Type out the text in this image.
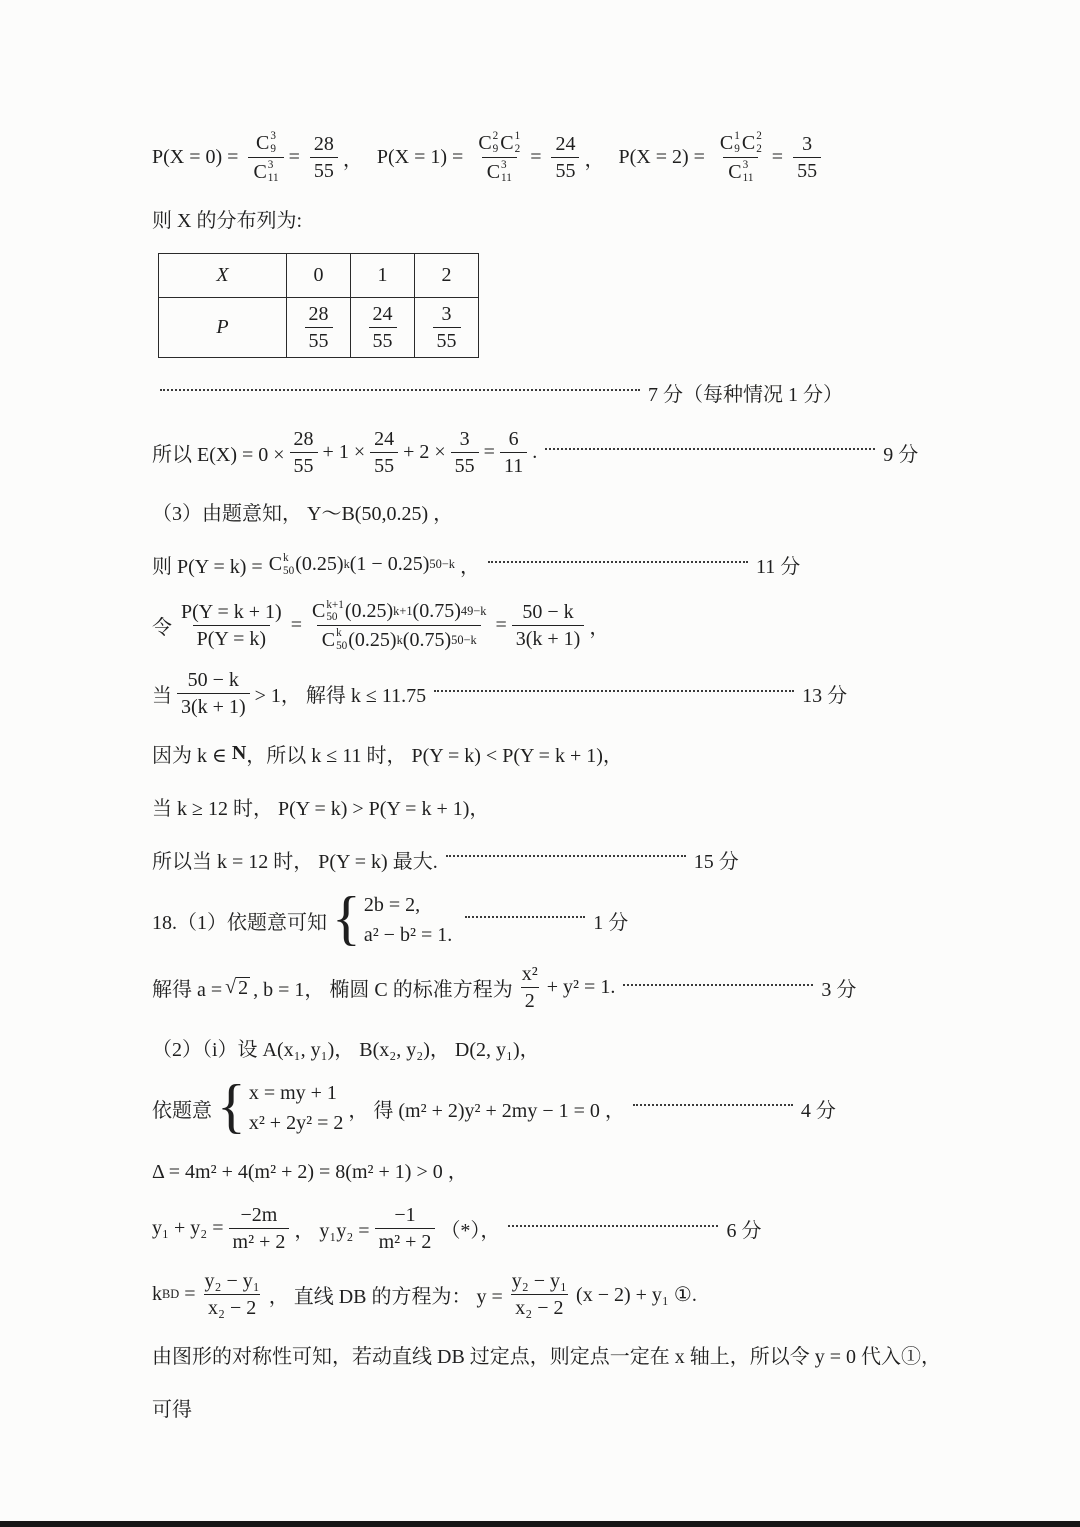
P(X = 0) = C 3
9
C 3
$11 = \frac{28}{55}$ ， P(X = 1) = C 2
9 C 1
2
C 3
$11 = \frac{24}{55}$ ， P(X = 2) = C 1
9 C 2
2
C 3
$11 = \frac{3}{55}$
则 X 的分布列为:
X	0	1	2
P	$\frac{28}{55}$	$\frac{24}{55}$	$\frac{3}{55}$
7 分（每种情况 1 分）
所以 $E(X) = 0 \times \frac{28}{55} + 1 \times \frac{24}{55} + 2 \times \frac{3}{55} = \frac{6}{11}$ .	9 分
（3）由题意知， Y～B(50,0.25) ，
则 P(Y = k) = C k
50 (0.25) k (1 − 0.25) 50−k ，	11 分
令 $\frac{P(Y = k + 1)}{P(Y = k)} = C$ k+1
50 (0.25) k+1 (0.75) 49−k
C k
50 (0.25) k (0.75) $50-k = \frac{50 - k}{3(k + 1)}$ ，
当 $\frac{50 - k}{3(k + 1)} > 1$， 解得 k ≤ 11.75	13 分
因为 k ∈ N ，所以 k ≤ 11 时， P(Y = k) < P(Y = k + 1)，
当 k ≥ 12 时， P(Y = k) > P(Y = k + 1)，
所以当 k = 12 时， P(Y = k) 最大.	15 分
18.（1）依题意可知 { 2b = 2,
a² − b² = 1.
1 分
解得 a = √ 2 , b = 1， 椭圆 C 的标准方程为 $\frac{\text{x²}}{2} + y^2 = 1$.	3 分
（2）（i）设 A(x₁, y₁)， B(x₂, y₂)， D(2, y₁)，
依题意 { x = my + 1
x² + 2y² = 2
， 得 (m² + 2)y² + 2my − 1 = 0 ，	4 分
Δ = 4m² + 4(m² + 2) = 8(m² + 1) > 0 ，
$y_1 + y_2 = \frac{-2m}{\text{m² + 2}}$ ， $y_1y_2 = \frac{-1}{\text{m² + 2}}$ （*），	6 分
k BD = $\frac{\text{y₂ − y₁}}{\text{x₂ − 2}}$ ， 直线 DB 的方程为： $y = \frac{\text{y₂ − y₁}}{\text{x₂ − 2}} (x - 2) + y_1$ ①.
由图形的对称性可知，若动直线 DB 过定点，则定点一定在 x 轴上，所以令 y = 0 代入①，
可得
